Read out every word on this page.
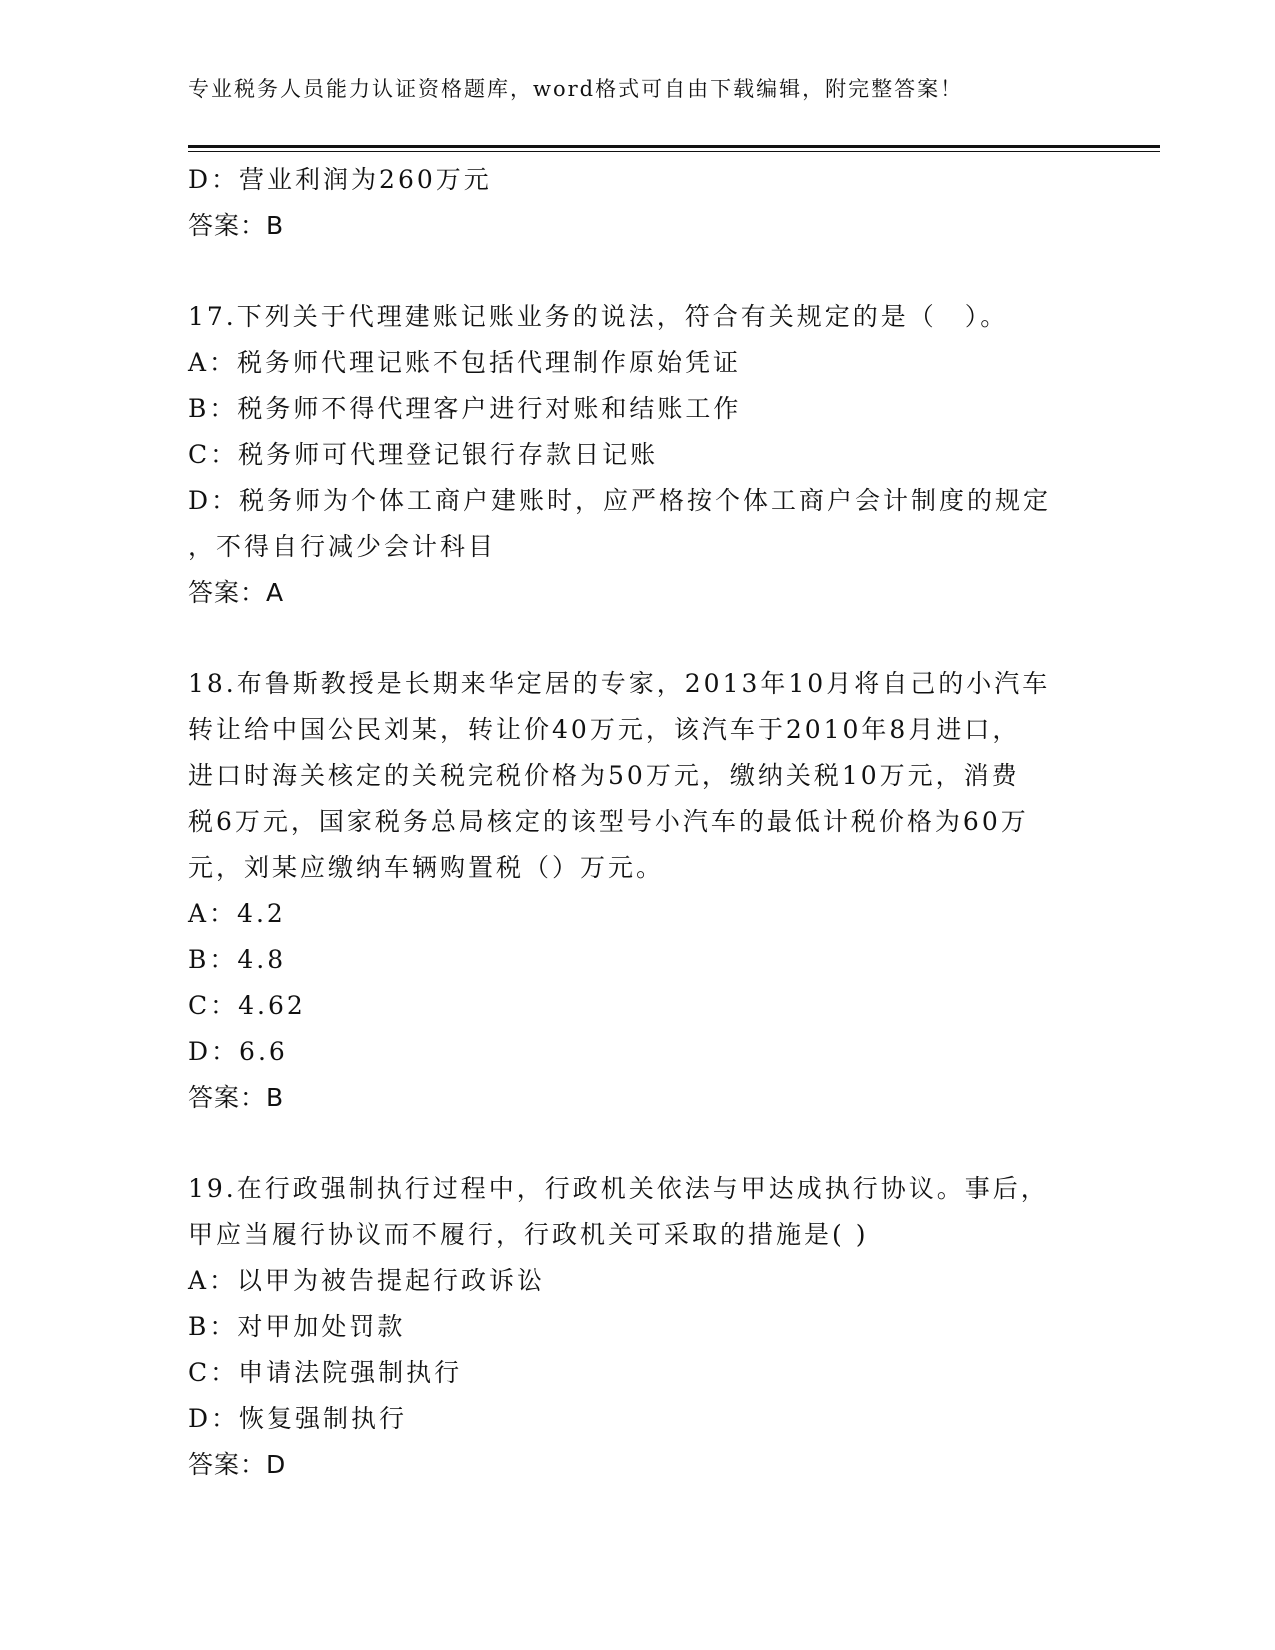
专业税务人员能力认证资格题库，word格式可自由下载编辑，附完整答案！
D：营业利润为260万元
答案：B
17.下列关于代理建账记账业务的说法，符合有关规定的是（　）。
A：税务师代理记账不包括代理制作原始凭证
B：税务师不得代理客户进行对账和结账工作
C：税务师可代理登记银行存款日记账
D：税务师为个体工商户建账时，应严格按个体工商户会计制度的规定
，不得自行减少会计科目
答案：A
18.布鲁斯教授是长期来华定居的专家，2013年10月将自己的小汽车
转让给中国公民刘某，转让价40万元，该汽车于2010年8月进口，
进口时海关核定的关税完税价格为50万元，缴纳关税10万元，消费
税6万元，国家税务总局核定的该型号小汽车的最低计税价格为60万
元，刘某应缴纳车辆购置税（）万元。
A：4.2
B：4.8
C：4.62
D：6.6
答案：B
19.在行政强制执行过程中，行政机关依法与甲达成执行协议。事后，
甲应当履行协议而不履行，行政机关可采取的措施是( )
A：以甲为被告提起行政诉讼
B：对甲加处罚款
C：申请法院强制执行
D：恢复强制执行
答案：D
